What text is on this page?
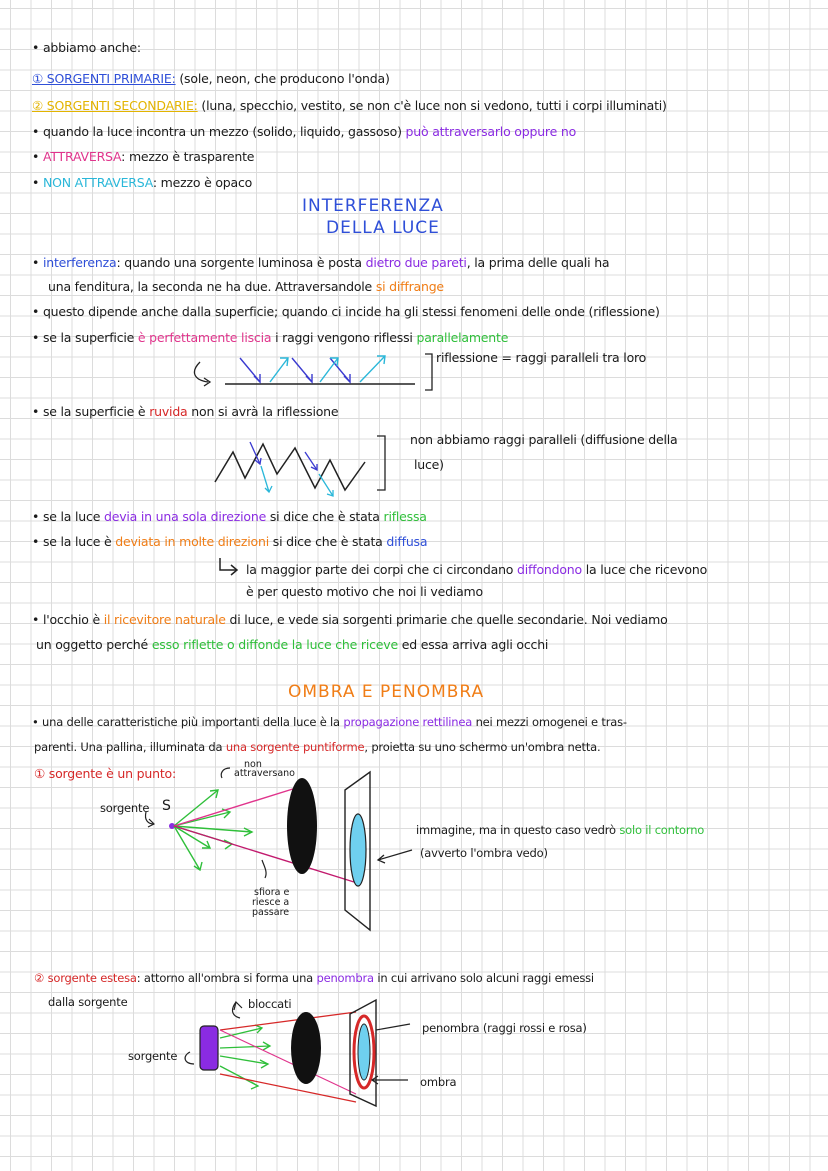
• abbiamo anche:
① SORGENTI PRIMARIE: (sole, neon, che producono l'onda)
② SORGENTI SECONDARIE: (luna, specchio, vestito, se non c'è luce non si vedono, tutti i corpi illuminati)
• quando la luce incontra un mezzo (solido, liquido, gassoso) può attraversarlo oppure no
• ATTRAVERSA: mezzo è trasparente
• NON ATTRAVERSA: mezzo è opaco
INTERFERENZA
DELLA LUCE
• interferenza: quando una sorgente luminosa è posta dietro due pareti, la prima delle quali ha
una fenditura, la seconda ne ha due. Attraversandole si diffrange
• questo dipende anche dalla superficie; quando ci incide ha gli stessi fenomeni delle onde (riflessione)
• se la superficie è perfettamente liscia i raggi vengono riflessi parallelamente
riflessione = raggi paralleli tra loro
• se la superficie è ruvida non si avrà la riflessione
non abbiamo raggi paralleli (diffusione della
luce)
• se la luce devia in una sola direzione si dice che è stata riflessa
• se la luce è deviata in molte direzioni si dice che è stata diffusa
la maggior parte dei corpi che ci circondano diffondono la luce che ricevono
è per questo motivo che noi li vediamo
• l'occhio è il ricevitore naturale di luce, e vede sia sorgenti primarie che quelle secondarie. Noi vediamo
un oggetto perché esso riflette o diffonde la luce che riceve ed essa arriva agli occhi
OMBRA E PENOMBRA
• una delle caratteristiche più importanti della luce è la propagazione rettilinea nei mezzi omogenei e tras-
parenti. Una pallina, illuminata da una sorgente puntiforme, proietta su uno schermo un'ombra netta.
① sorgente è un punto:
non
attraversano
sorgente S
sfiora e
riesce a
passare
immagine, ma in questo caso vedrò solo il contorno
(avverto l'ombra vedo)
② sorgente estesa: attorno all'ombra si forma una penombra in cui arrivano solo alcuni raggi emessi
dalla sorgente	bloccati
sorgente
penombra (raggi rossi e rosa)
ombra
